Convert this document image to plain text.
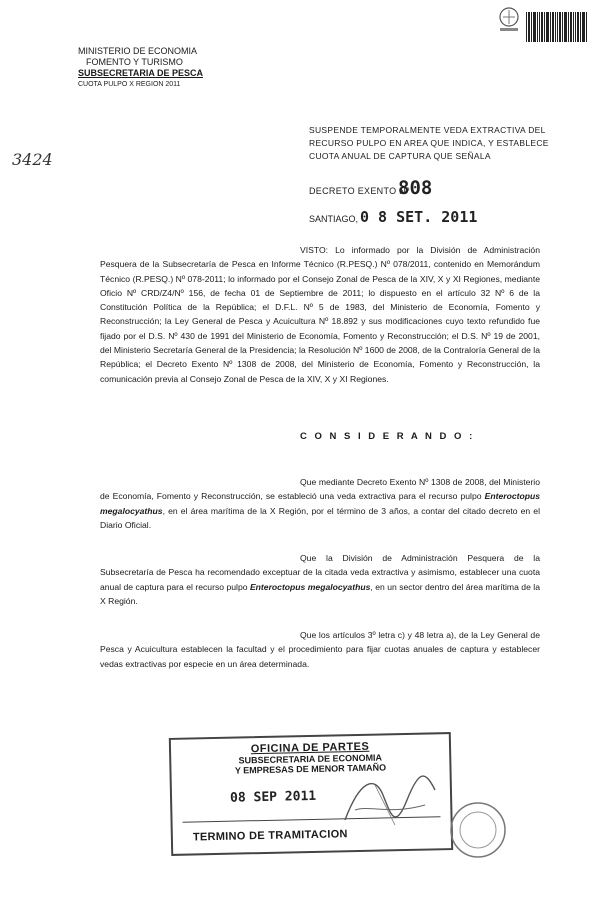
MINISTERIO DE ECONOMIA
FOMENTO Y TURISMO
SUBSECRETARIA DE PESCA
CUOTA PULPO X REGION 2011
3424
SUSPENDE TEMPORALMENTE VEDA EXTRACTIVA DEL
RECURSO PULPO EN AREA QUE INDICA, Y ESTABLECE
CUOTA ANUAL DE CAPTURA QUE SEÑALA
DECRETO EXENTO Nº
808
SANTIAGO, 0 8 SET. 2011

VISTO: Lo informado por la División de Administración Pesquera de la Subsecretaría de Pesca en Informe Técnico (R.PESQ.) Nº 078/2011, contenido en Memorándum Técnico (R.PESQ.) Nº 078-2011; lo informado por el Consejo Zonal de Pesca de la XIV, X y XI Regiones, mediante Oficio Nº CRD/Z4/Nº 156, de fecha 01 de Septiembre de 2011; lo dispuesto en el artículo 32 Nº 6 de la Constitución Política de la República; el D.F.L. Nº 5 de 1983, del Ministerio de Economía, Fomento y Reconstrucción; la Ley General de Pesca y Acuicultura Nº 18.892 y sus modificaciones cuyo texto refundido fue fijado por el D.S. Nº 430 de 1991 del Ministerio de Economía, Fomento y Reconstrucción; el D.S. Nº 19 de 2001, del Ministerio Secretaría General de la Presidencia; la Resolución Nº 1600 de 2008, de la Contraloría General de la República; el Decreto Exento Nº 1308 de 2008, del Ministerio de Economía, Fomento y Reconstrucción, la comunicación previa al Consejo Zonal de Pesca de la XIV, X y XI Regiones.

C O N S I D E R A N D O :

Que mediante Decreto Exento Nº 1308 de 2008, del Ministerio de Economía, Fomento y Reconstrucción, se estableció una veda extractiva para el recurso pulpo Enteroctopus megalocyathus, en el área marítima de la X Región, por el término de 3 años, a contar del citado decreto en el Diario Oficial.

Que la División de Administración Pesquera de la Subsecretaría de Pesca ha recomendado exceptuar de la citada veda extractiva y asimismo, establecer una cuota anual de captura para el recurso pulpo Enteroctopus megalocyathus, en un sector dentro del área marítima de la X Región.

Que los artículos 3º letra c) y 48 letra a), de la Ley General de Pesca y Acuicultura establecen la facultad y el procedimiento para fijar cuotas anuales de captura y establecer vedas extractivas por especie en un área determinada.

OFICINA DE PARTES
SUBSECRETARIA DE ECONOMIA
Y EMPRESAS DE MENOR TAMAÑO
08 SEP 2011
TERMINO DE TRAMITACION
